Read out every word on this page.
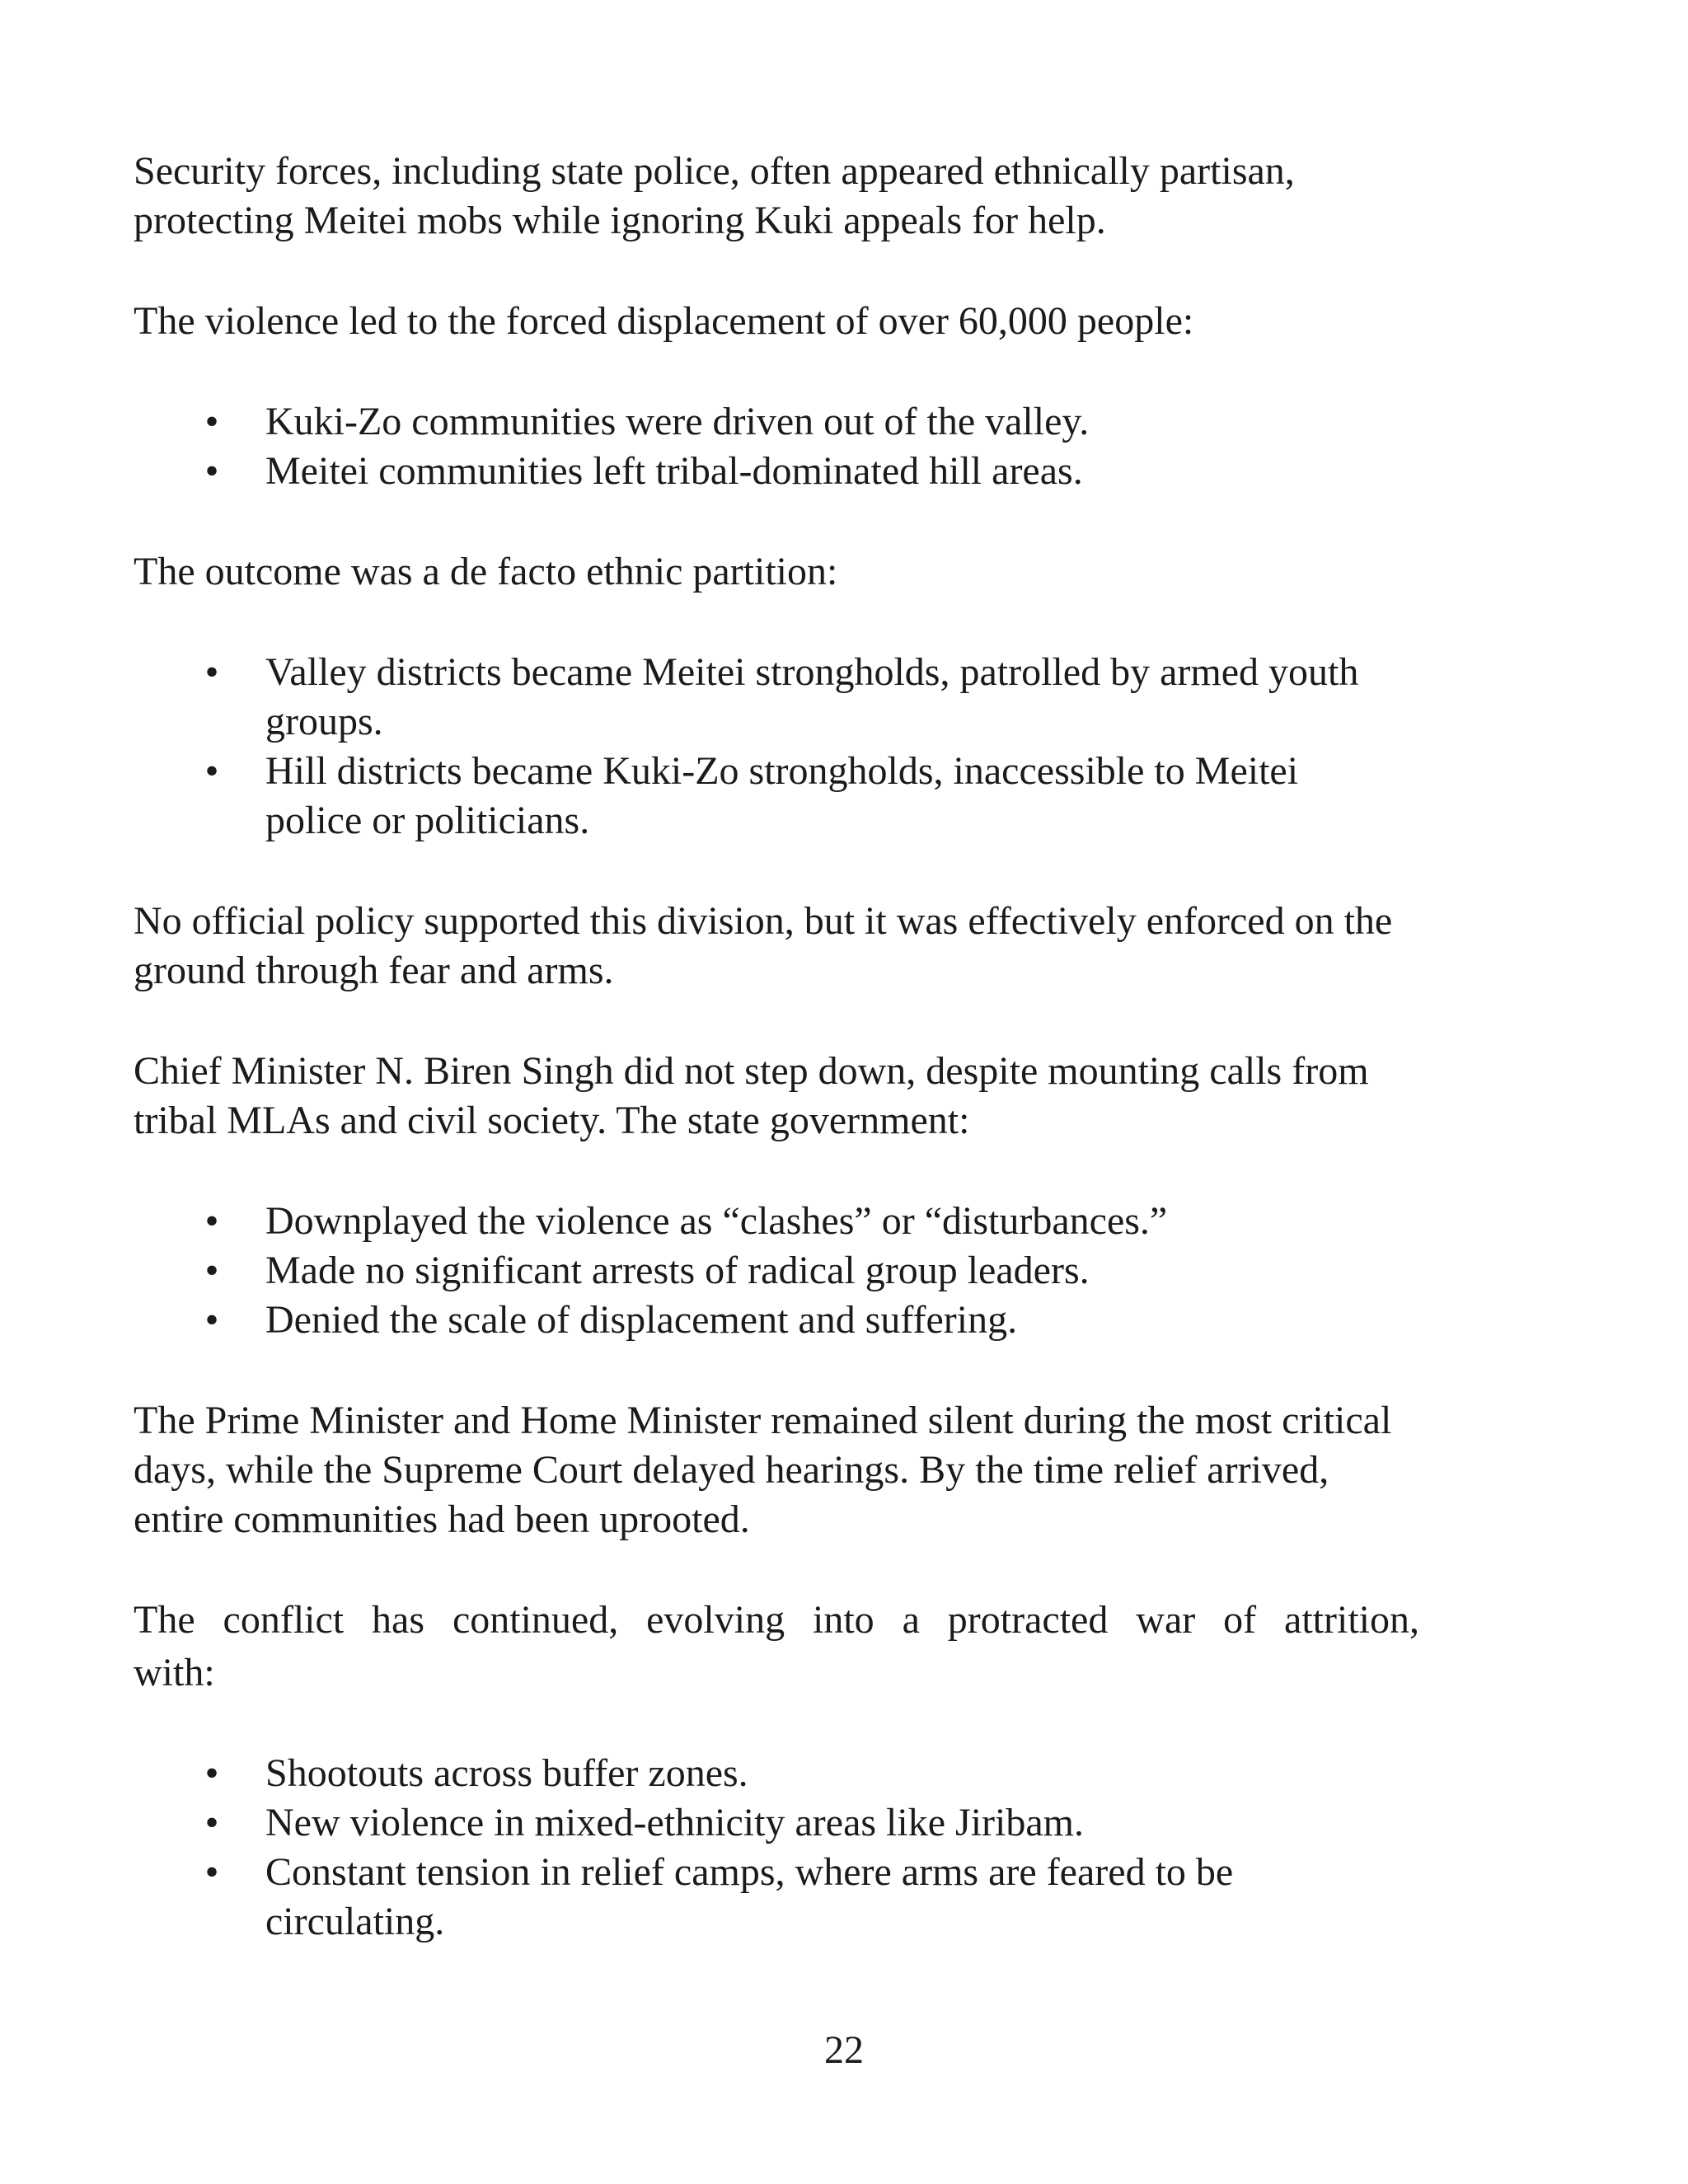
Security forces, including state police, often appeared ethnically partisan, protecting Meitei mobs while ignoring Kuki appeals for help.

The violence led to the forced displacement of over 60,000 people:

• Kuki-Zo communities were driven out of the valley.
• Meitei communities left tribal-dominated hill areas.

The outcome was a de facto ethnic partition:

• Valley districts became Meitei strongholds, patrolled by armed youth groups.
• Hill districts became Kuki-Zo strongholds, inaccessible to Meitei police or politicians.

No official policy supported this division, but it was effectively enforced on the ground through fear and arms.

Chief Minister N. Biren Singh did not step down, despite mounting calls from tribal MLAs and civil society. The state government:

• Downplayed the violence as “clashes” or “disturbances.”
• Made no significant arrests of radical group leaders.
• Denied the scale of displacement and suffering.

The Prime Minister and Home Minister remained silent during the most critical days, while the Supreme Court delayed hearings. By the time relief arrived, entire communities had been uprooted.

The conflict has continued, evolving into a protracted war of attrition,

with:

• Shootouts across buffer zones.
• New violence in mixed-ethnicity areas like Jiribam.
• Constant tension in relief camps, where arms are feared to be circulating.
22
